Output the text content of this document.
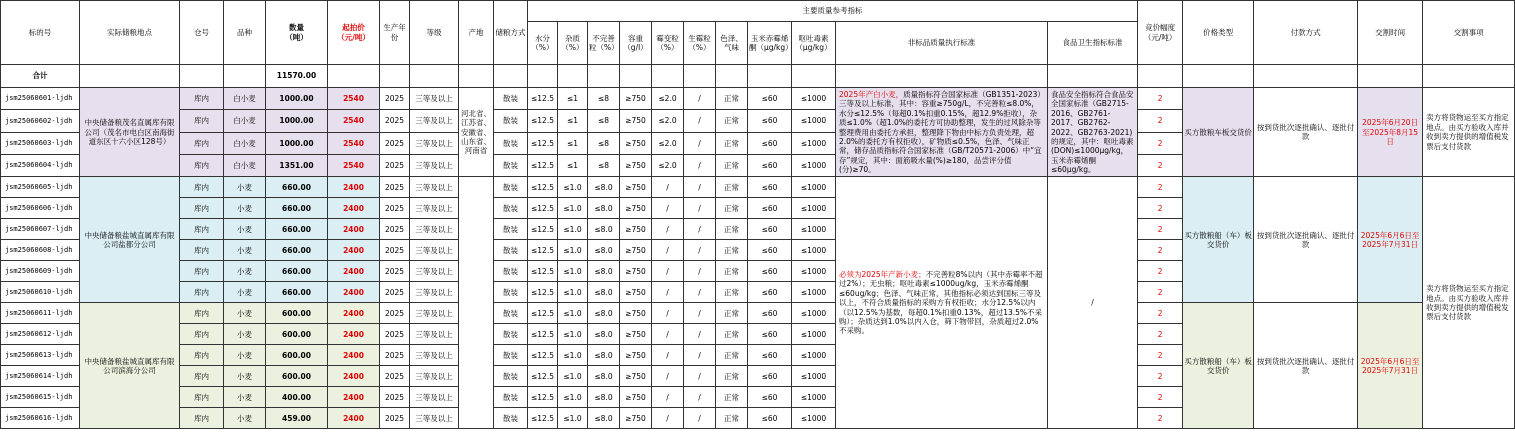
标的号	实际储粮地点	仓号	品种	数量
（吨）	起拍价
（元/吨）	生产年份	等级	产地	储粮方式	主要质量参考指标											竞价幅度（元/吨）	价格类型	付款方式	交割时间	交割事项
										水分（%）	杂质（%）	不完善粒（%）	容重（g/l）	霉变粒（%）	生霉粒（%）	色泽、气味	玉米赤霉烯酮（μg/kg）	呕吐毒素（μg/kg）	非标品质量执行标准	食品卫生指标标准					
合计				11570.00																					
jsm25060601-ljdh	中央储备粮茂名直属库有限公司（茂名市电白区南海街道东区十六小区128号）	库内	白小麦	1000.00	2540	2025	三等及以上	河北省、江苏省、安徽省、山东省、河南省	散装	≤12.5	≤1	≤8	≥750	≤2.0	/	正常	≤60	≤1000	2025年产白小麦，质量指标符合国家标准（GB1351-2023）三等及以上标准，其中：容重≥750g/L，不完善粒≤8.0%，水分≤12.5%（每超0.1%扣重0.15%，超12.9%拒收），杂质≤1.0%（超1.0%的委托方可协助整理，发生的过风除杂等整理费用由委托方承担，整理降下物由中标方负责处理，超2.0%的委托方有权拒收），矿物质≤0.5%，色泽、气味正常，储存品质指标符合国家标准（GB/T20571-2006）中“宜存”规定，其中：面筋吸水量(%)≥180，品尝评分值(分)≥70。	食品安全指标符合食品安全国家标准（GB2715-2016、GB2761-2017、GB2762-2022、GB2763-2021)的规定，其中：呕吐毒素(DON)≤1000μg/kg，玉米赤霉烯酮≤60μg/kg。	2	买方散粮车板交货价	按到货批次逐批确认、逐批付款	2025年6月20日至2025年8月15日	卖方将货物运至买方指定地点。由买方验收入库并收到卖方提供的增值税发票后支付货款
jsm25060602-ljdh		库内	白小麦	1000.00	2540	2025	三等及以上		散装	≤12.5	≤1	≤8	≥750	≤2.0	/	正常	≤60	≤1000			2				
jsm25060603-ljdh		库内	白小麦	1000.00	2540	2025	三等及以上		散装	≤12.5	≤1	≤8	≥750	≤2.0	/	正常	≤60	≤1000			2				
jsm25060604-ljdh		库内	白小麦	1351.00	2540	2025	三等及以上		散装	≤12.5	≤1	≤8	≥750	≤2.0	/	正常	≤60	≤1000			2				
jsm25060605-ljdh	中央储备粮盐城直属库有限公司盐都分公司	库内	小麦	660.00	2400	2025	三等及以上		散装	≤12.5	≤1.0	≤8.0	≥750	/	/	正常	≤60	≤1000	必须为2025年产新小麦；不完善粒8%以内（其中赤霉率不超过2%）；无虫粮；呕吐毒素≤1000ug/kg，玉米赤霉烯酮≤60ug/kg；色泽、气味正常，其他指标必须达到国标三等及以上，不符合质量指标的采购方有权拒收；水分12.5%以内（以12.5%为基数，每超0.1%扣重0.13%，超过13.5%不采购）；杂质达到1.0%以内入仓，筛下物带回，杂质超过2.0%不采购。	/	2	买方散粮船（车）板交货价	按到货批次逐批确认、逐批付款	2025年6月6日至2025年7月31日	卖方将货物运至买方指定地点。由买方验收入库并收到卖方提供的增值税发票后支付货款
jsm25060606-ljdh		库内	小麦	660.00	2400	2025	三等及以上		散装	≤12.5	≤1.0	≤8.0	≥750	/	/	正常	≤60	≤1000			2				
jsm25060607-ljdh		库内	小麦	660.00	2400	2025	三等及以上		散装	≤12.5	≤1.0	≤8.0	≥750	/	/	正常	≤60	≤1000			2				
jsm25060608-ljdh		库内	小麦	660.00	2400	2025	三等及以上		散装	≤12.5	≤1.0	≤8.0	≥750	/	/	正常	≤60	≤1000			2				
jsm25060609-ljdh		库内	小麦	660.00	2400	2025	三等及以上		散装	≤12.5	≤1.0	≤8.0	≥750	/	/	正常	≤60	≤1000			2				
jsm25060610-ljdh		库内	小麦	660.00	2400	2025	三等及以上		散装	≤12.5	≤1.0	≤8.0	≥750	/	/	正常	≤60	≤1000			2				
jsm25060611-ljdh	中央储备粮盐城直属库有限公司滨海分公司	库内	小麦	600.00	2400	2025	三等及以上		散装	≤12.5	≤1.0	≤8.0	≥750	/	/	正常	≤60	≤1000			2	买方散粮船（车）板交货价	按到货批次逐批确认、逐批付款	2025年6月6日至2025年7月31日	
jsm25060612-ljdh		库内	小麦	600.00	2400	2025	三等及以上		散装	≤12.5	≤1.0	≤8.0	≥750	/	/	正常	≤60	≤1000			2				
jsm25060613-ljdh		库内	小麦	600.00	2400	2025	三等及以上		散装	≤12.5	≤1.0	≤8.0	≥750	/	/	正常	≤60	≤1000			2				
jsm25060614-ljdh		库内	小麦	600.00	2400	2025	三等及以上		散装	≤12.5	≤1.0	≤8.0	≥750	/	/	正常	≤60	≤1000			2				
jsm25060615-ljdh		库内	小麦	400.00	2400	2025	三等及以上		散装	≤12.5	≤1.0	≤8.0	≥750	/	/	正常	≤60	≤1000			2				
jsm25060616-ljdh		库内	小麦	459.00	2400	2025	三等及以上		散装	≤12.5	≤1.0	≤8.0	≥750	/	/	正常	≤60	≤1000			2				
